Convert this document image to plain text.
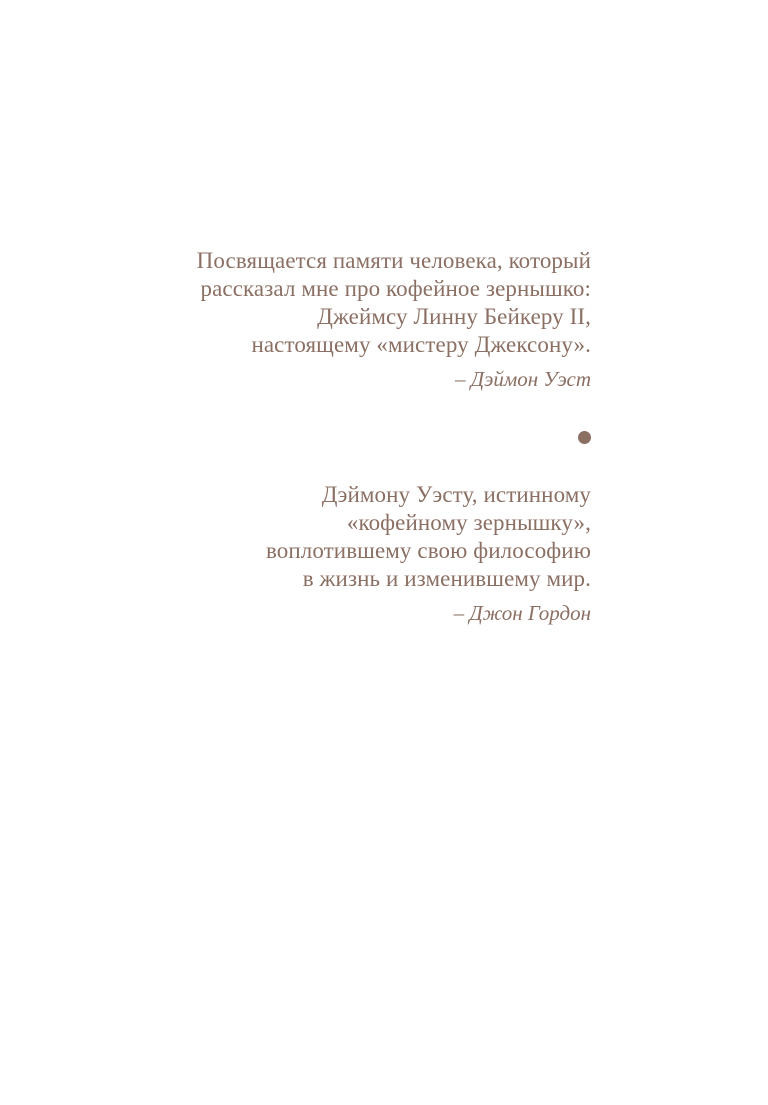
Посвящается памяти человека, который
рассказал мне про кофейное зернышко:
Джеймсу Линну Бейкеру II,
настоящему «мистеру Джексону».
– Дэймон Уэст
Дэймону Уэсту, истинному
«кофейному зернышку»,
воплотившему свою философию
в жизнь и изменившему мир.
– Джон Гордон
